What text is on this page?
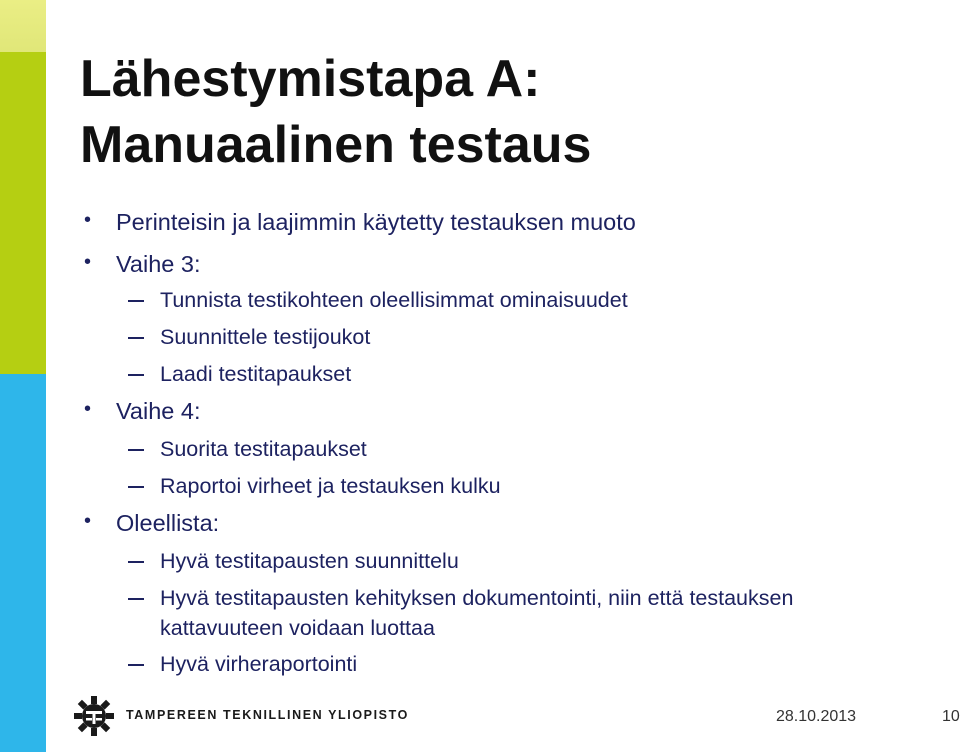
Lähestymistapa A:
Manuaalinen testaus
• Perinteisin ja laajimmin käytetty testauksen muoto
• Vaihe 3:
Tunnista testikohteen oleellisimmat ominaisuudet
Suunnittele testijoukot
Laadi testitapaukset
• Vaihe 4:
Suorita testitapaukset
Raportoi virheet ja testauksen kulku
• Oleellista:
Hyvä testitapausten suunnittelu
Hyvä testitapausten kehityksen dokumentointi, niin että testauksen
kattavuuteen voidaan luottaa
Hyvä virheraportointi
TAMPEREEN TEKNILLINEN YLIOPISTO	28.10.2013	10
